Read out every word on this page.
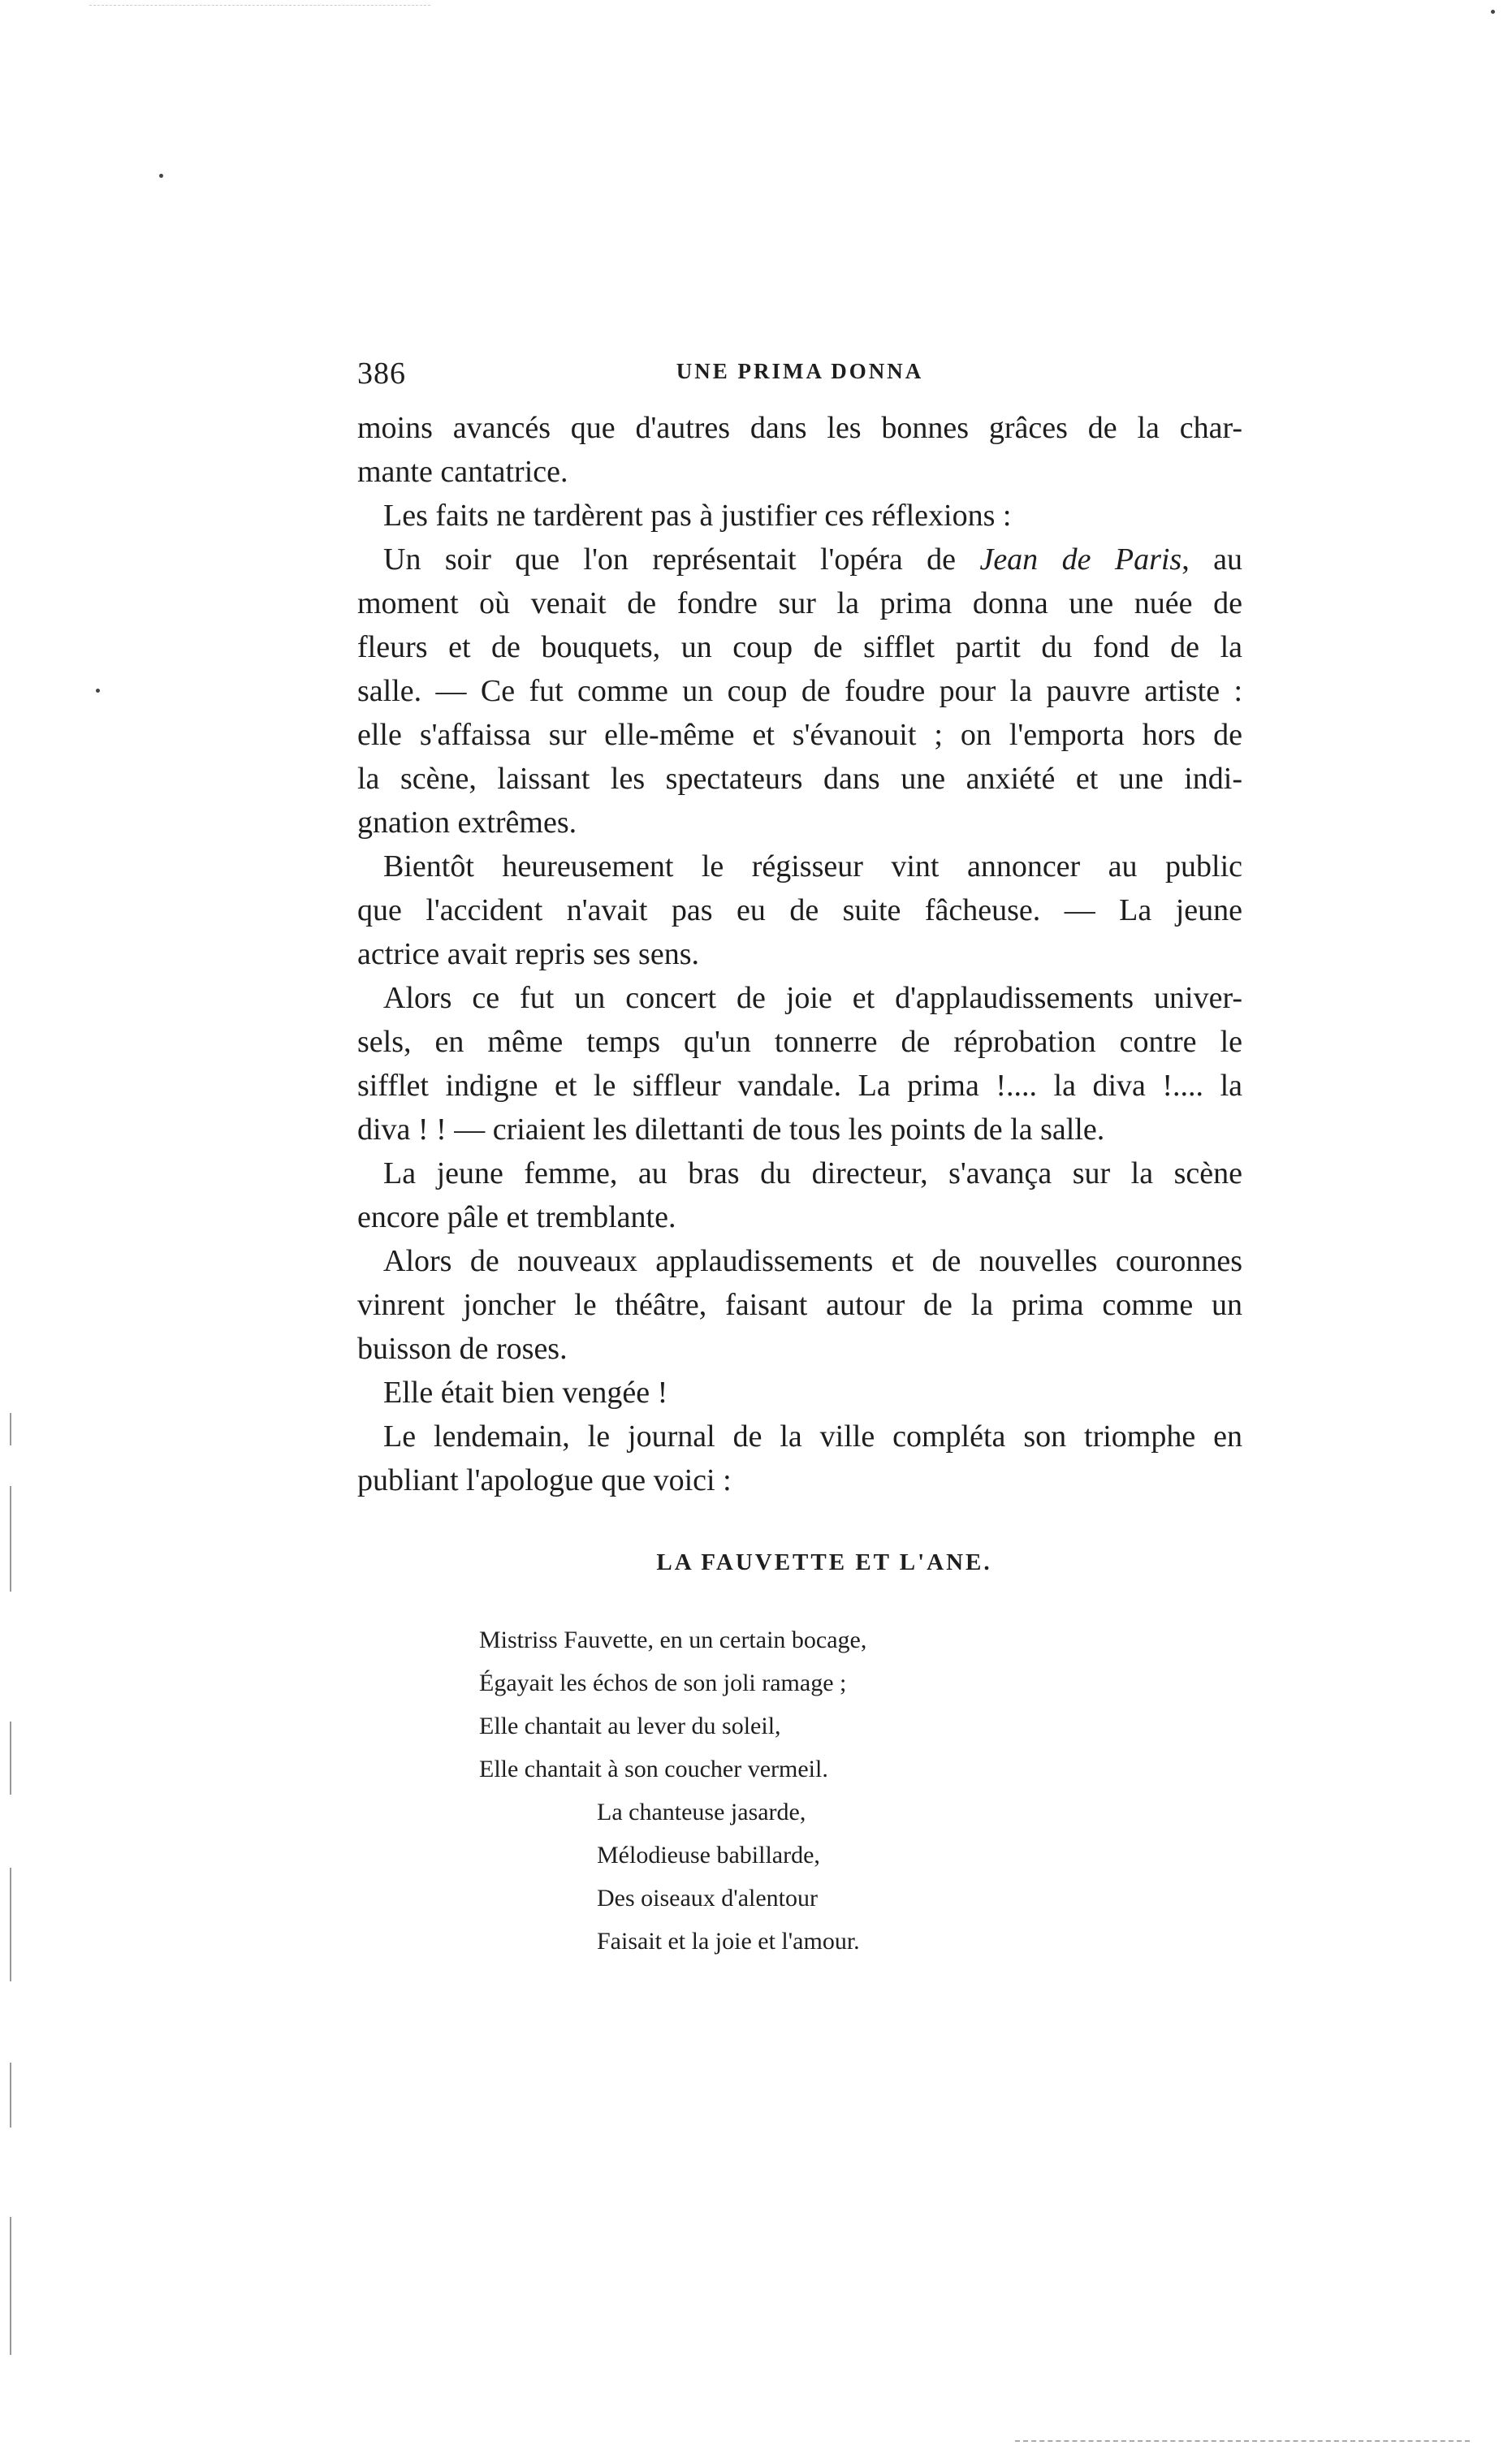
386	UNE PRIMA DONNA
moins avancés que d'autres dans les bonnes grâces de la char-
mante cantatrice.
Les faits ne tardèrent pas à justifier ces réflexions :
Un soir que l'on représentait l'opéra de Jean de Paris, au
moment où venait de fondre sur la prima donna une nuée de
fleurs et de bouquets, un coup de sifflet partit du fond de la
salle. — Ce fut comme un coup de foudre pour la pauvre artiste :
elle s'affaissa sur elle-même et s'évanouit ; on l'emporta hors de
la scène, laissant les spectateurs dans une anxiété et une indi-
gnation extrêmes.
Bientôt heureusement le régisseur vint annoncer au public
que l'accident n'avait pas eu de suite fâcheuse. — La jeune
actrice avait repris ses sens.
Alors ce fut un concert de joie et d'applaudissements univer-
sels, en même temps qu'un tonnerre de réprobation contre le
sifflet indigne et le siffleur vandale. La prima !.... la diva !.... la
diva ! ! — criaient les dilettanti de tous les points de la salle.
La jeune femme, au bras du directeur, s'avança sur la scène
encore pâle et tremblante.
Alors de nouveaux applaudissements et de nouvelles couronnes
vinrent joncher le théâtre, faisant autour de la prima comme un
buisson de roses.
Elle était bien vengée !
Le lendemain, le journal de la ville compléta son triomphe en
publiant l'apologue que voici :
LA FAUVETTE ET L'ANE.
Mistriss Fauvette, en un certain bocage,
Égayait les échos de son joli ramage ;
Elle chantait au lever du soleil,
Elle chantait à son coucher vermeil.
La chanteuse jasarde,
Mélodieuse babillarde,
Des oiseaux d'alentour
Faisait et la joie et l'amour.
